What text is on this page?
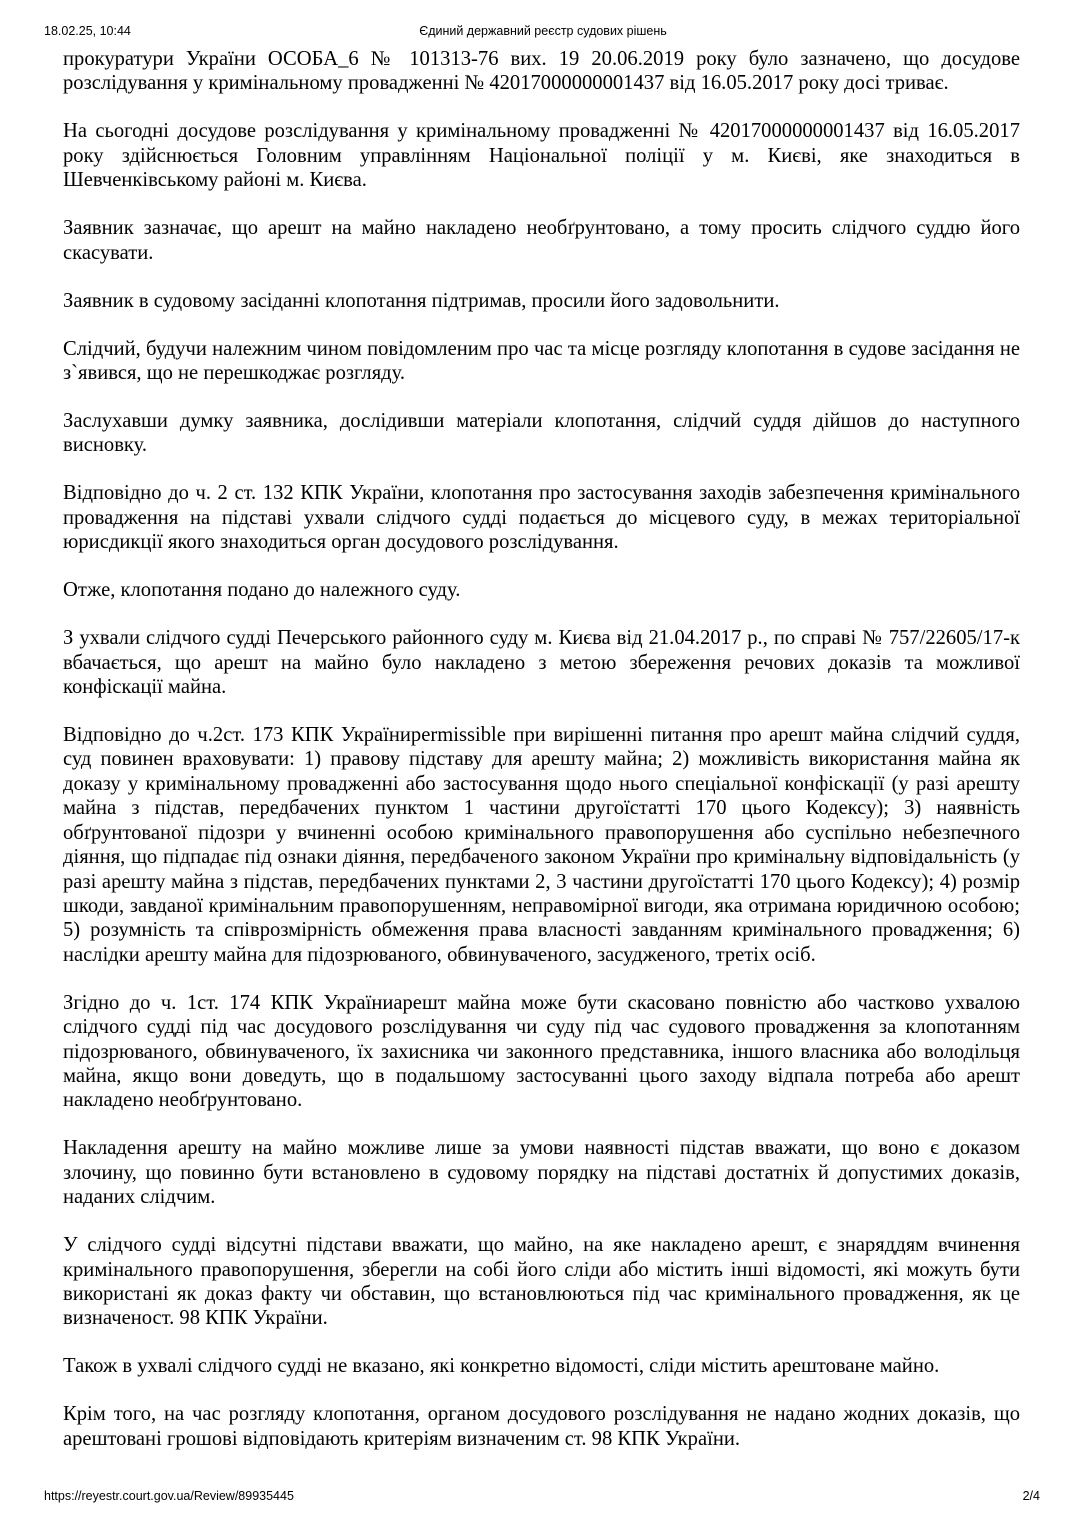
18.02.25, 10:44	Єдиний державний реєстр судових рішень

прокуратури України ОСОБА_6 № 101313-76 вих. 19 20.06.2019 року було зазначено, що досудове розслідування у кримінальному провадженні № 42017000000001437 від 16.05.2017 року досі триває.

На сьогодні досудове розслідування у кримінальному провадженні № 42017000000001437 від 16.05.2017 року здійснюється Головним управлінням Національної поліції у м. Києві, яке знаходиться в Шевченківському районі м. Києва.

Заявник зазначає, що арешт на майно накладено необґрунтовано, а тому просить слідчого суддю його скасувати.

Заявник в судовому засіданні клопотання підтримав, просили його задовольнити.

Слідчий, будучи належним чином повідомленим про час та місце розгляду клопотання в судове засідання не з`явився, що не перешкоджає розгляду.

Заслухавши думку заявника, дослідивши матеріали клопотання, слідчий суддя дійшов до наступного висновку.

Відповідно до ч. 2 ст. 132 КПК України, клопотання про застосування заходів забезпечення кримінального провадження на підставі ухвали слідчого судді подається до місцевого суду, в межах територіальної юрисдикції якого знаходиться орган досудового розслідування.

Отже, клопотання подано до належного суду.

З ухвали слідчого судді Печерського районного суду м. Києва від 21.04.2017 р., по справі № 757/22605/17-к вбачається, що арешт на майно було накладено з метою збереження речових доказів та можливої конфіскації майна.

Відповідно до ч.2ст. 173 КПК Україниpermissible при вирішенні питання про арешт майна слідчий суддя, суд повинен враховувати: 1) правову підставу для арешту майна; 2) можливість використання майна як доказу у кримінальному провадженні або застосування щодо нього спеціальної конфіскації (у разі арешту майна з підстав, передбачених пунктом 1 частини другоїстатті 170 цього Кодексу); 3) наявність обґрунтованої підозри у вчиненні особою кримінального правопорушення або суспільно небезпечного діяння, що підпадає під ознаки діяння, передбаченого законом України про кримінальну відповідальність (у разі арешту майна з підстав, передбачених пунктами 2, 3 частини другоїстатті 170 цього Кодексу); 4) розмір шкоди, завданої кримінальним правопорушенням, неправомірної вигоди, яка отримана юридичною особою; 5) розумність та співрозмірність обмеження права власності завданням кримінального провадження; 6) наслідки арешту майна для підозрюваного, обвинуваченого, засудженого, третіх осіб.

Згідно до ч. 1ст. 174 КПК Україниарешт майна може бути скасовано повністю або частково ухвалою слідчого судді під час досудового розслідування чи суду під час судового провадження за клопотанням підозрюваного, обвинуваченого, їх захисника чи законного представника, іншого власника або володільця майна, якщо вони доведуть, що в подальшому застосуванні цього заходу відпала потреба або арешт накладено необґрунтовано.

Накладення арешту на майно можливе лише за умови наявності підстав вважати, що воно є доказом злочину, що повинно бути встановлено в судовому порядку на підставі достатніх й допустимих доказів, наданих слідчим.

У слідчого судді відсутні підстави вважати, що майно, на яке накладено арешт, є знаряддям вчинення кримінального правопорушення, зберегли на собі його сліди або містить інші відомості, які можуть бути використані як доказ факту чи обставин, що встановлюються під час кримінального провадження, як це визначеност. 98 КПК України.

Також в ухвалі слідчого судді не вказано, які конкретно відомості, сліди містить арештоване майно.

Крім того, на час розгляду клопотання, органом досудового розслідування не надано жодних доказів, що арештовані грошові відповідають критеріям визначеним ст. 98 КПК України.

https://reyestr.court.gov.ua/Review/89935445	2/4
